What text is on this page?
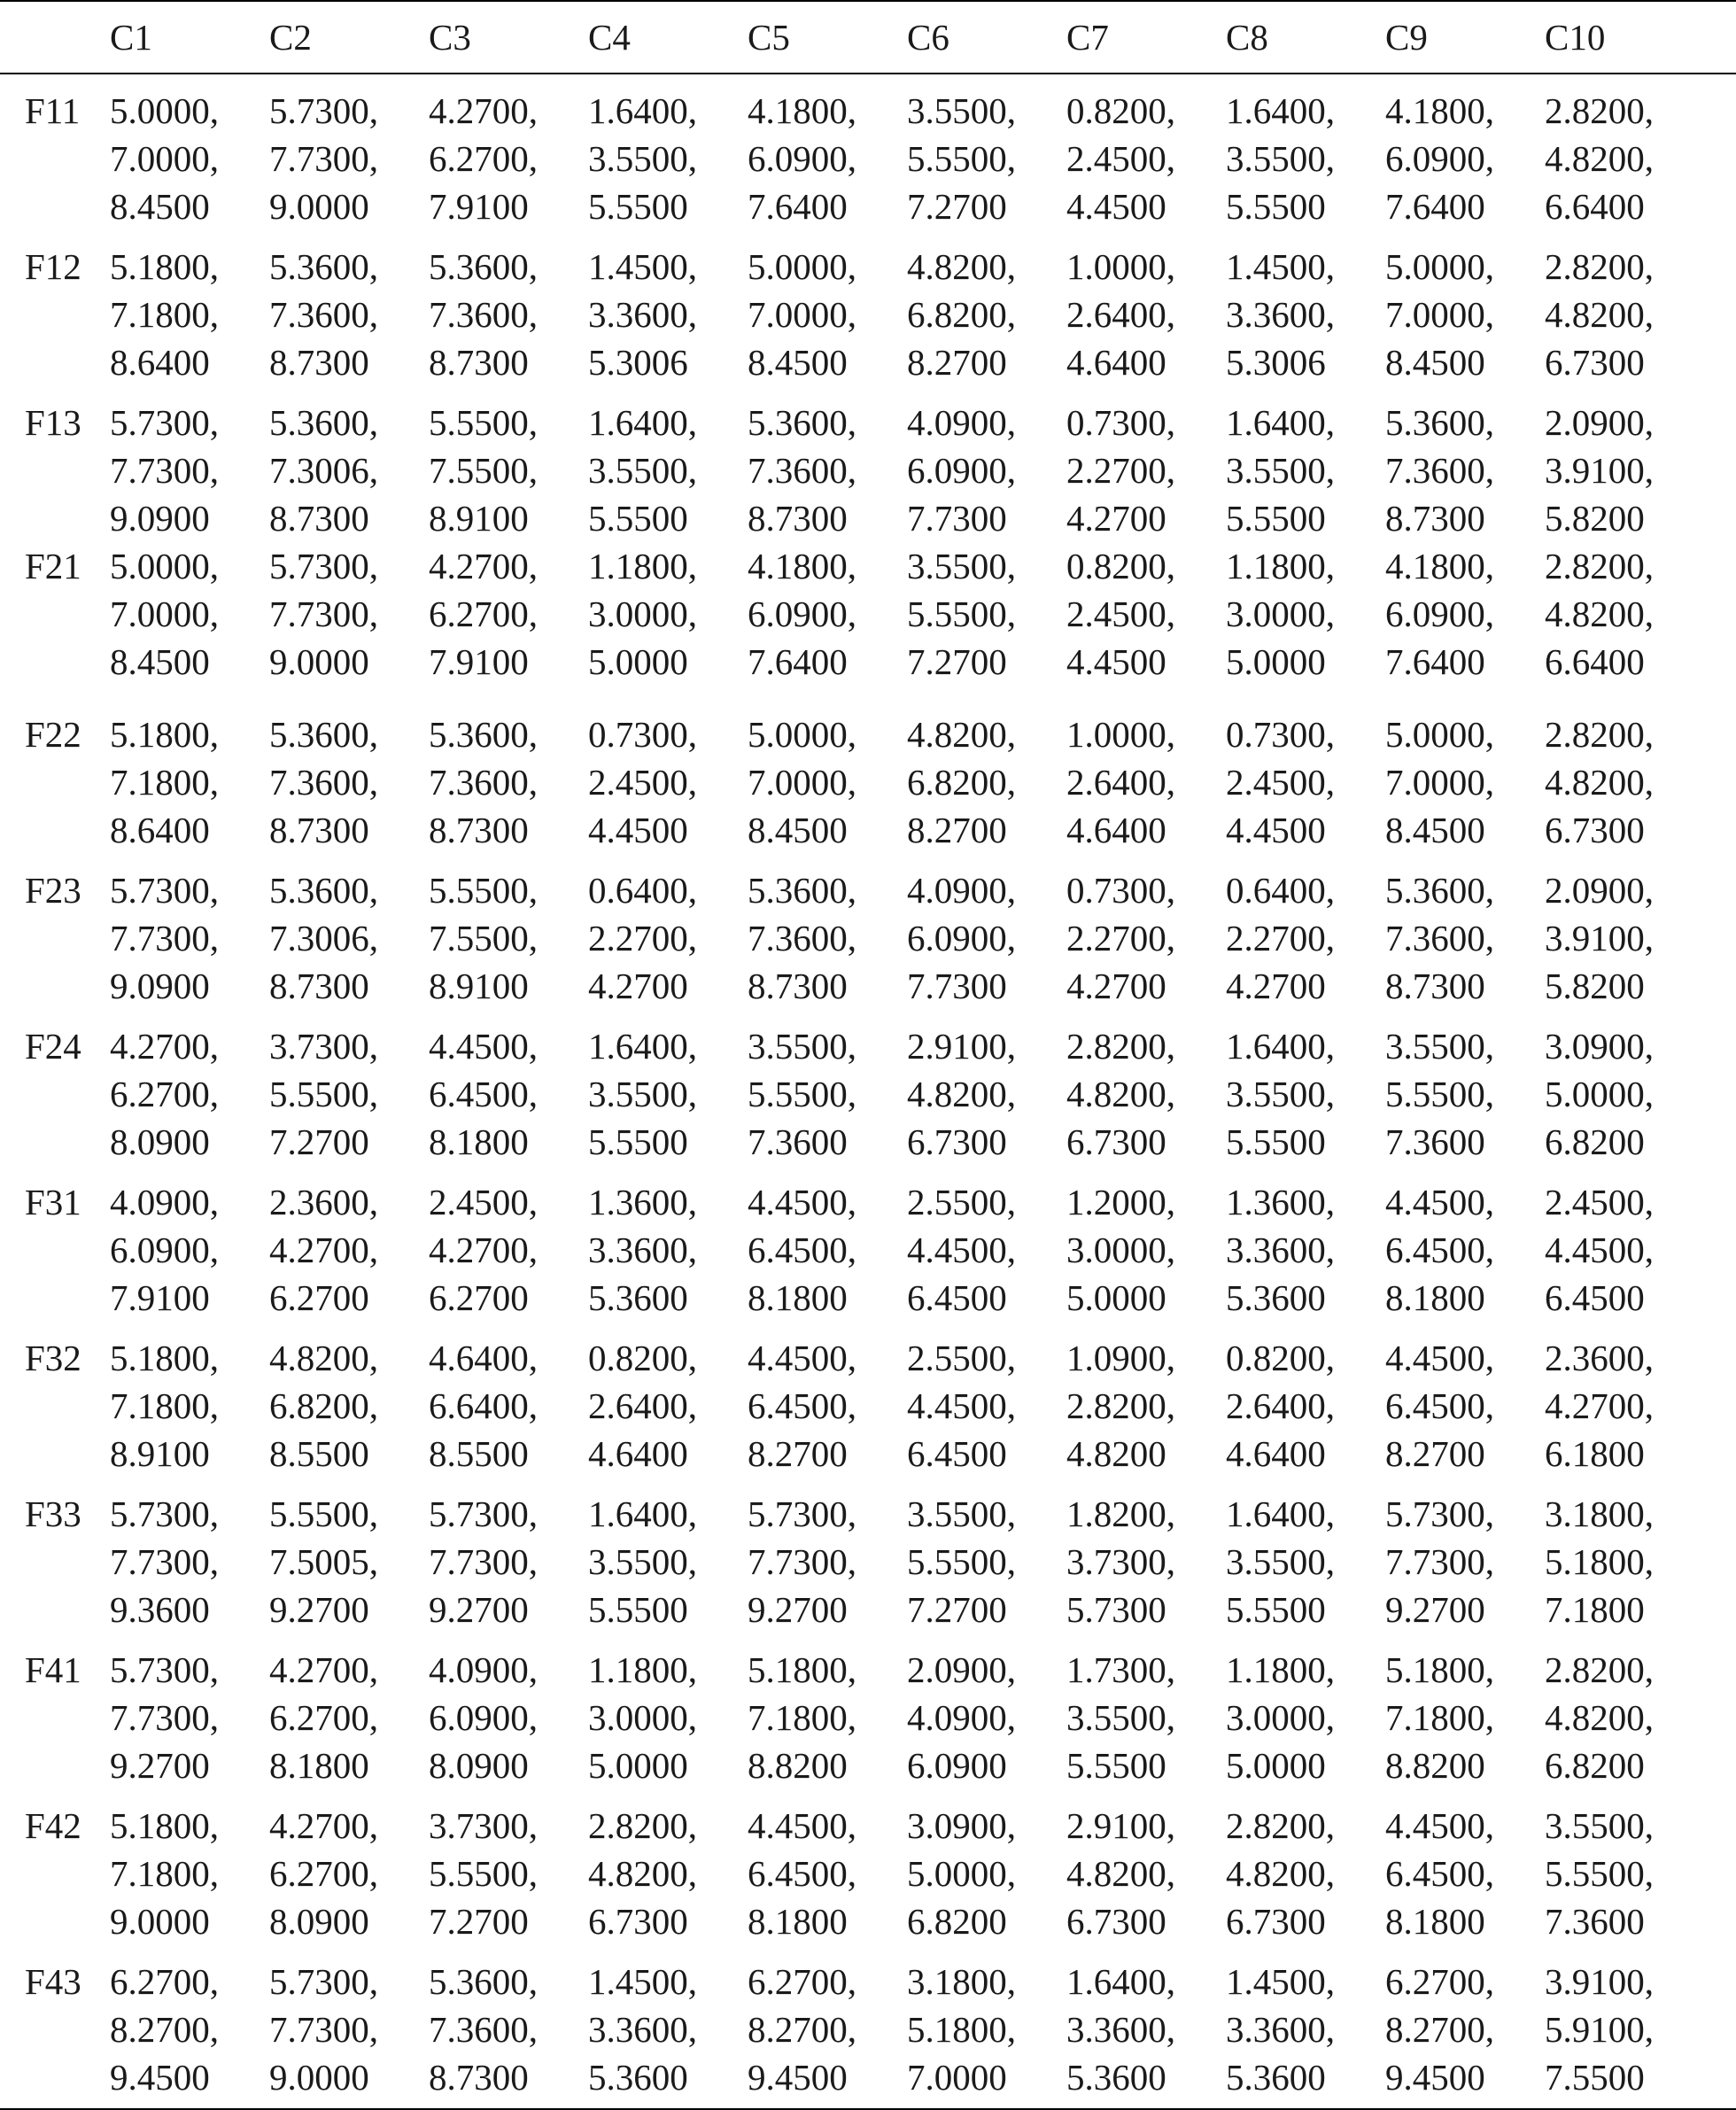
	C1	C2	C3	C4	C5	C6	C7	C8	C9	C10	
F11	5.0000,
7.0000,
8.4500	5.7300,
7.7300,
9.0000	4.2700,
6.2700,
7.9100	1.6400,
3.5500,
5.5500	4.1800,
6.0900,
7.6400	3.5500,
5.5500,
7.2700	0.8200,
2.4500,
4.4500	1.6400,
3.5500,
5.5500	4.1800,
6.0900,
7.6400	2.8200,
4.8200,
6.6400	

F12	5.1800,
7.1800,
8.6400	5.3600,
7.3600,
8.7300	5.3600,
7.3600,
8.7300	1.4500,
3.3600,
5.3006	5.0000,
7.0000,
8.4500	4.8200,
6.8200,
8.2700	1.0000,
2.6400,
4.6400	1.4500,
3.3600,
5.3006	5.0000,
7.0000,
8.4500	2.8200,
4.8200,
6.7300	

F13	5.7300,
7.7300,
9.0900	5.3600,
7.3006,
8.7300	5.5500,
7.5500,
8.9100	1.6400,
3.5500,
5.5500	5.3600,
7.3600,
8.7300	4.0900,
6.0900,
7.7300	0.7300,
2.2700,
4.2700	1.6400,
3.5500,
5.5500	5.3600,
7.3600,
8.7300	2.0900,
3.9100,
5.8200	

F21	5.0000,
7.0000,
8.4500	5.7300,
7.7300,
9.0000	4.2700,
6.2700,
7.9100	1.1800,
3.0000,
5.0000	4.1800,
6.0900,
7.6400	3.5500,
5.5500,
7.2700	0.8200,
2.4500,
4.4500	1.1800,
3.0000,
5.0000	4.1800,
6.0900,
7.6400	2.8200,
4.8200,
6.6400	

F22	5.1800,
7.1800,
8.6400	5.3600,
7.3600,
8.7300	5.3600,
7.3600,
8.7300	0.7300,
2.4500,
4.4500	5.0000,
7.0000,
8.4500	4.8200,
6.8200,
8.2700	1.0000,
2.6400,
4.6400	0.7300,
2.4500,
4.4500	5.0000,
7.0000,
8.4500	2.8200,
4.8200,
6.7300	

F23	5.7300,
7.7300,
9.0900	5.3600,
7.3006,
8.7300	5.5500,
7.5500,
8.9100	0.6400,
2.2700,
4.2700	5.3600,
7.3600,
8.7300	4.0900,
6.0900,
7.7300	0.7300,
2.2700,
4.2700	0.6400,
2.2700,
4.2700	5.3600,
7.3600,
8.7300	2.0900,
3.9100,
5.8200	

F24	4.2700,
6.2700,
8.0900	3.7300,
5.5500,
7.2700	4.4500,
6.4500,
8.1800	1.6400,
3.5500,
5.5500	3.5500,
5.5500,
7.3600	2.9100,
4.8200,
6.7300	2.8200,
4.8200,
6.7300	1.6400,
3.5500,
5.5500	3.5500,
5.5500,
7.3600	3.0900,
5.0000,
6.8200	

F31	4.0900,
6.0900,
7.9100	2.3600,
4.2700,
6.2700	2.4500,
4.2700,
6.2700	1.3600,
3.3600,
5.3600	4.4500,
6.4500,
8.1800	2.5500,
4.4500,
6.4500	1.2000,
3.0000,
5.0000	1.3600,
3.3600,
5.3600	4.4500,
6.4500,
8.1800	2.4500,
4.4500,
6.4500	

F32	5.1800,
7.1800,
8.9100	4.8200,
6.8200,
8.5500	4.6400,
6.6400,
8.5500	0.8200,
2.6400,
4.6400	4.4500,
6.4500,
8.2700	2.5500,
4.4500,
6.4500	1.0900,
2.8200,
4.8200	0.8200,
2.6400,
4.6400	4.4500,
6.4500,
8.2700	2.3600,
4.2700,
6.1800	

F33	5.7300,
7.7300,
9.3600	5.5500,
7.5005,
9.2700	5.7300,
7.7300,
9.2700	1.6400,
3.5500,
5.5500	5.7300,
7.7300,
9.2700	3.5500,
5.5500,
7.2700	1.8200,
3.7300,
5.7300	1.6400,
3.5500,
5.5500	5.7300,
7.7300,
9.2700	3.1800,
5.1800,
7.1800	

F41	5.7300,
7.7300,
9.2700	4.2700,
6.2700,
8.1800	4.0900,
6.0900,
8.0900	1.1800,
3.0000,
5.0000	5.1800,
7.1800,
8.8200	2.0900,
4.0900,
6.0900	1.7300,
3.5500,
5.5500	1.1800,
3.0000,
5.0000	5.1800,
7.1800,
8.8200	2.8200,
4.8200,
6.8200	

F42	5.1800,
7.1800,
9.0000	4.2700,
6.2700,
8.0900	3.7300,
5.5500,
7.2700	2.8200,
4.8200,
6.7300	4.4500,
6.4500,
8.1800	3.0900,
5.0000,
6.8200	2.9100,
4.8200,
6.7300	2.8200,
4.8200,
6.7300	4.4500,
6.4500,
8.1800	3.5500,
5.5500,
7.3600	

F43	6.2700,
8.2700,
9.4500	5.7300,
7.7300,
9.0000	5.3600,
7.3600,
8.7300	1.4500,
3.3600,
5.3600	6.2700,
8.2700,
9.4500	3.1800,
5.1800,
7.0000	1.6400,
3.3600,
5.3600	1.4500,
3.3600,
5.3600	6.2700,
8.2700,
9.4500	3.9100,
5.9100,
7.5500	
